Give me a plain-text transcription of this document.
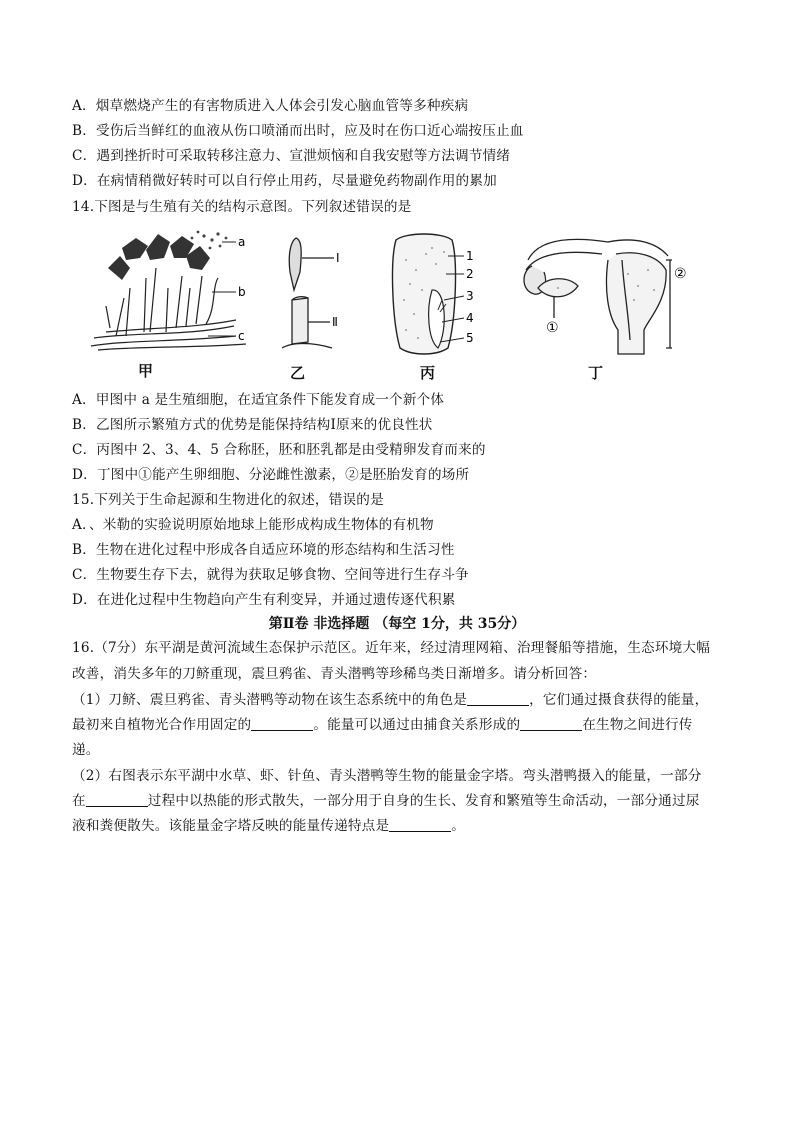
A．烟草燃烧产生的有害物质进入人体会引发心脑血管等多种疾病
B．受伤后当鲜红的血液从伤口喷涌而出时，应及时在伤口近心端按压止血
C．遇到挫折时可采取转移注意力、宣泄烦恼和自我安慰等方法调节情绪
D．在病情稍微好转时可以自行停止用药，尽量避免药物副作用的累加
14.下图是与生殖有关的结构示意图。下列叙述错误的是
a
b
c
甲
Ⅰ
Ⅱ
乙
1
2
3
4
5
丙
①
②
丁
A．甲图中 a 是生殖细胞，在适宜条件下能发育成一个新个体
B．乙图所示繁殖方式的优势是能保持结构Ⅰ原来的优良性状
C．丙图中 2、3、4、5 合称胚，胚和胚乳都是由受精卵发育而来的
D．丁图中①能产生卵细胞、分泌雌性激素，②是胚胎发育的场所
15.下列关于生命起源和生物进化的叙述，错误的是
A．、米勒的实验说明原始地球上能形成构成生物体的有机物
B．生物在进化过程中形成各自适应环境的形态结构和生活习性
C．生物要生存下去，就得为获取足够食物、空间等进行生存斗争
D．在进化过程中生物趋向产生有利变异，并通过遗传逐代积累
第Ⅱ卷 非选择题 （每空 1分，共 35分）
16.（7分）东平湖是黄河流域生态保护示范区。近年来，经过清理网箱、治理餐船等措施，生态环境大幅
改善，消失多年的刀鲚重现，震旦鸦雀、青头潜鸭等珍稀鸟类日渐增多。请分析回答：
（1）刀鲚、震旦鸦雀、青头潜鸭等动物在该生态系统中的角色是	，它们通过摄食获得的能量，
最初来自植物光合作用固定的	。能量可以通过由捕食关系形成的	在生物之间进行传
递。
（2）右图表示东平湖中水草、虾、针鱼、青头潜鸭等生物的能量金字塔。弯头潜鸭摄入的能量，一部分
在	过程中以热能的形式散失，一部分用于自身的生长、发育和繁殖等生命活动，一部分通过尿
液和粪便散失。该能量金字塔反映的能量传递特点是	。
